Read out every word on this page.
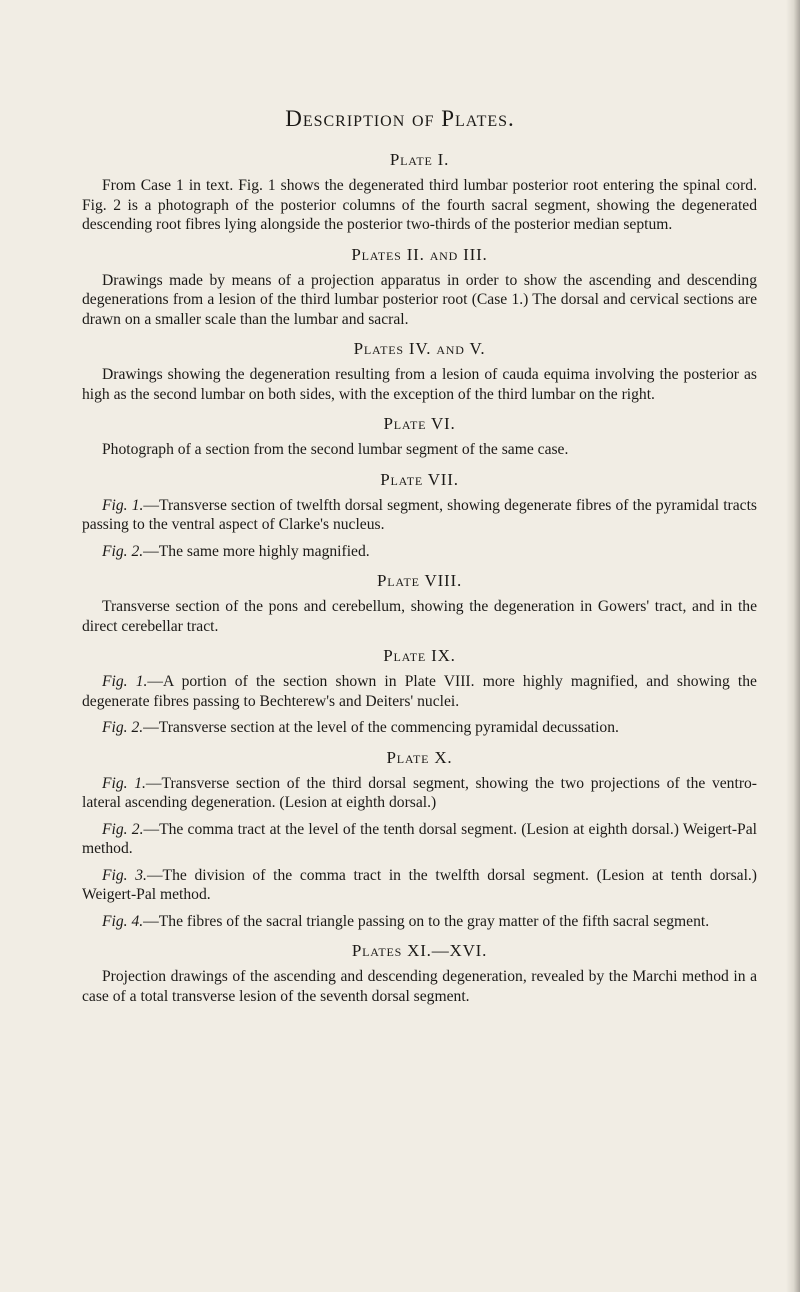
Description of Plates.
Plate I.

From Case 1 in text. Fig. 1 shows the degenerated third lumbar posterior root entering the spinal cord. Fig. 2 is a photograph of the posterior columns of the fourth sacral segment, showing the degenerated descending root fibres lying alongside the posterior two-thirds of the posterior median septum.

Plates II. and III.

Drawings made by means of a projection apparatus in order to show the ascending and descending degenerations from a lesion of the third lumbar posterior root (Case 1.) The dorsal and cervical sections are drawn on a smaller scale than the lumbar and sacral.

Plates IV. and V.

Drawings showing the degeneration resulting from a lesion of cauda equima involving the posterior as high as the second lumbar on both sides, with the exception of the third lumbar on the right.

Plate VI.

Photograph of a section from the second lumbar segment of the same case.

Plate VII.

Fig. 1.—Transverse section of twelfth dorsal segment, showing degenerate fibres of the pyramidal tracts passing to the ventral aspect of Clarke's nucleus.

Fig. 2.—The same more highly magnified.

Plate VIII.

Transverse section of the pons and cerebellum, showing the degeneration in Gowers' tract, and in the direct cerebellar tract.

Plate IX.

Fig. 1.—A portion of the section shown in Plate VIII. more highly magnified, and showing the degenerate fibres passing to Bechterew's and Deiters' nuclei.

Fig. 2.—Transverse section at the level of the commencing pyramidal decussation.

Plate X.

Fig. 1.—Transverse section of the third dorsal segment, showing the two projections of the ventro-lateral ascending degeneration. (Lesion at eighth dorsal.)

Fig. 2.—The comma tract at the level of the tenth dorsal segment. (Lesion at eighth dorsal.) Weigert-Pal method.

Fig. 3.—The division of the comma tract in the twelfth dorsal segment. (Lesion at tenth dorsal.) Weigert-Pal method.

Fig. 4.—The fibres of the sacral triangle passing on to the gray matter of the fifth sacral segment.

Plates XI.—XVI.

Projection drawings of the ascending and descending degeneration, revealed by the Marchi method in a case of a total transverse lesion of the seventh dorsal segment.
